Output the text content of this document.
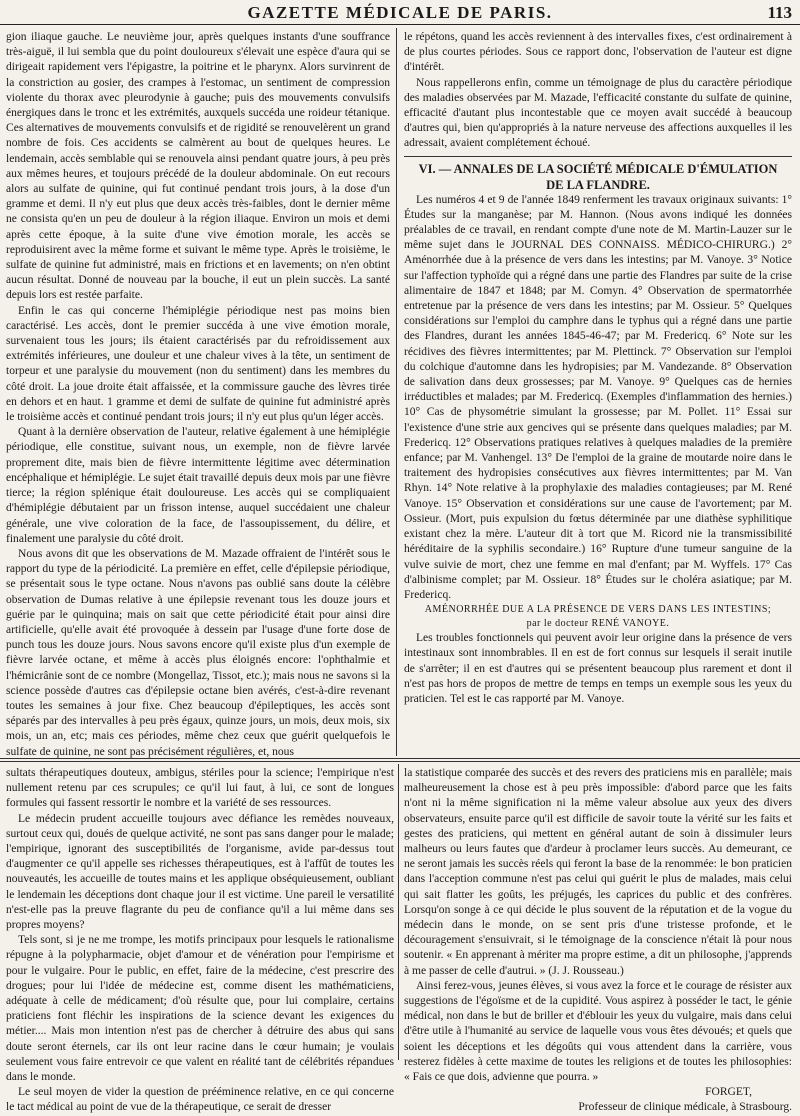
GAZETTE MÉDICALE DE PARIS.	113

gion iliaque gauche. Le neuvième jour, après quelques instants d'une souffrance très-aiguë, il lui sembla que du point douloureux s'élevait une espèce d'aura qui se dirigeait rapidement vers l'épigastre, la poitrine et le pharynx. Alors survinrent de la constriction au gosier, des crampes à l'estomac, un sentiment de compression violente du thorax avec pleurodynie à gauche; puis des mouvements convulsifs énergiques dans le tronc et les extrémités, auxquels succéda une roideur tétanique. Ces alternatives de mouvements convulsifs et de rigidité se renouvelèrent un grand nombre de fois. Ces accidents se calmèrent au bout de quelques heures. Le lendemain, accès semblable qui se renouvela ainsi pendant quatre jours, à peu près aux mêmes heures, et toujours précédé de la douleur abdominale. On eut recours alors au sulfate de quinine, qui fut continué pendant trois jours, à la dose d'un gramme et demi. Il n'y eut plus que deux accès très-faibles, dont le dernier même ne consista qu'en un peu de douleur à la région iliaque. Environ un mois et demi après cette époque, à la suite d'une vive émotion morale, les accès se reproduisirent avec la même forme et suivant le même type. Après le troisième, le sulfate de quinine fut administré, mais en frictions et en lavements; on n'en obtint aucun résultat. Donné de nouveau par la bouche, il eut un plein succès. La santé depuis lors est restée parfaite.

Enfin le cas qui concerne l'hémiplégie périodique nest pas moins bien caractérisé. Les accès, dont le premier succéda à une vive émotion morale, survenaient tous les jours; ils étaient caractérisés par du refroidissement aux extrémités inférieures, une douleur et une chaleur vives à la tête, un sentiment de torpeur et une paralysie du mouvement (non du sentiment) dans les membres du côté droit. La joue droite était affaissée, et la commissure gauche des lèvres tirée en dehors et en haut. 1 gramme et demi de sulfate de quinine fut administré après le troisième accès et continué pendant trois jours; il n'y eut plus qu'un léger accès.

Quant à la dernière observation de l'auteur, relative également à une hémiplégie périodique, elle constitue, suivant nous, un exemple, non de fièvre larvée proprement dite, mais bien de fièvre intermittente légitime avec détermination encéphalique et hémiplégie. Le sujet était travaillé depuis deux mois par une fièvre tierce; la région splénique était douloureuse. Les accès qui se compliquaient d'hémiplégie débutaient par un frisson intense, auquel succédaient une chaleur générale, une vive coloration de la face, de l'assoupissement, du délire, et finalement une paralysie du côté droit.

Nous avons dit que les observations de M. Mazade offraient de l'intérêt sous le rapport du type de la périodicité. La première en effet, celle d'épilepsie périodique, se présentait sous le type octane. Nous n'avons pas oublié sans doute la célèbre observation de Dumas relative à une épilepsie revenant tous les douze jours et guérie par le quinquina; mais on sait que cette périodicité était pour ainsi dire artificielle, qu'elle avait été provoquée à dessein par l'usage d'une forte dose de punch tous les douze jours. Nous savons encore qu'il existe plus d'un exemple de fièvre larvée octane, et même à accès plus éloignés encore: l'ophthalmie et l'hémicrânie sont de ce nombre (Mongellaz, Tissot, etc.); mais nous ne savons si la science possède d'autres cas d'épilepsie octane bien avérés, c'est-à-dire revenant toutes les semaines à jour fixe. Chez beaucoup d'épileptiques, les accès sont séparés par des intervalles à peu près égaux, quinze jours, un mois, deux mois, six mois, un an, etc; mais ces périodes, même chez ceux que guérit quelquefois le sulfate de quinine, ne sont pas précisément régulières, et, nous

le répétons, quand les accès reviennent à des intervalles fixes, c'est ordinairement à de plus courtes périodes. Sous ce rapport donc, l'observation de l'auteur est digne d'intérêt.

Nous rappellerons enfin, comme un témoignage de plus du caractère périodique des maladies observées par M. Mazade, l'efficacité constante du sulfate de quinine, efficacité d'autant plus incontestable que ce moyen avait succédé à beaucoup d'autres qui, bien qu'appropriés à la nature nerveuse des affections auxquelles il les adressait, avaient complétement échoué.

VI. — ANNALES DE LA SOCIÉTÉ MÉDICALE D'ÉMULATION
DE LA FLANDRE.

Les numéros 4 et 9 de l'année 1849 renferment les travaux originaux suivants: 1° Études sur la manganèse; par M. Hannon. (Nous avons indiqué les données préalables de ce travail, en rendant compte d'une note de M. Martin-Lauzer sur le même sujet dans le JOURNAL DES CONNAISS. MÉDICO-CHIRURG.) 2° Aménorrhée due à la présence de vers dans les intestins; par M. Vanoye. 3° Notice sur l'affection typhoïde qui a régné dans une partie des Flandres par suite de la crise alimentaire de 1847 et 1848; par M. Comyn. 4° Observation de spermatorrhée entretenue par la présence de vers dans les intestins; par M. Ossieur. 5° Quelques considérations sur l'emploi du camphre dans le typhus qui a régné dans une partie des Flandres, durant les années 1845-46-47; par M. Fredericq. 6° Note sur les récidives des fièvres intermittentes; par M. Plettinck. 7° Observation sur l'emploi du colchique d'automne dans les hydropisies; par M. Vandezande. 8° Observation de salivation dans deux grossesses; par M. Vanoye. 9° Quelques cas de hernies irréductibles et malades; par M. Fredericq. (Exemples d'inflammation des hernies.) 10° Cas de physométrie simulant la grossesse; par M. Pollet. 11° Essai sur l'existence d'une strie aux gencives qui se présente dans quelques maladies; par M. Fredericq. 12° Observations pratiques relatives à quelques maladies de la première enfance; par M. Vanhengel. 13° De l'emploi de la graine de moutarde noire dans le traitement des hydropisies consécutives aux fièvres intermittentes; par M. Van Rhyn. 14° Note relative à la prophylaxie des maladies contagieuses; par M. René Vanoye. 15° Observation et considérations sur une cause de l'avortement; par M. Ossieur. (Mort, puis expulsion du fœtus déterminée par une diathèse syphilitique existant chez la mère. L'auteur dit à tort que M. Ricord nie la transmissibilité héréditaire de la syphilis secondaire.) 16° Rupture d'une tumeur sanguine de la vulve suivie de mort, chez une femme en mal d'enfant; par M. Wyffels. 17° Cas d'albinisme complet; par M. Ossieur. 18° Études sur le choléra asiatique; par M. Fredericq.

AMÉNORRHÉE DUE A LA PRÉSENCE DE VERS DANS LES INTESTINS;
par le docteur RENÉ VANOYE.

Les troubles fonctionnels qui peuvent avoir leur origine dans la présence de vers intestinaux sont innombrables. Il en est de fort connus sur lesquels il serait inutile de s'arrêter; il en est d'autres qui se présentent beaucoup plus rarement et dont il n'est pas hors de propos de mettre de temps en temps un exemple sous les yeux du praticien. Tel est le cas rapporté par M. Vanoye.

sultats thérapeutiques douteux, ambigus, stériles pour la science; l'empirique n'est nullement retenu par ces scrupules; ce qu'il lui faut, à lui, ce sont de longues formules qui fassent ressortir le nombre et la variété de ses ressources.

Le médecin prudent accueille toujours avec défiance les remèdes nouveaux, surtout ceux qui, doués de quelque activité, ne sont pas sans danger pour le malade; l'empirique, ignorant des susceptibilités de l'organisme, avide par-dessus tout d'augmenter ce qu'il appelle ses richesses thérapeutiques, est à l'affût de toutes les nouveautés, les accueille de toutes mains et les applique obséquieusement, oubliant le lendemain les déceptions dont chaque jour il est victime. Une pareil le versatilité n'est-elle pas la preuve flagrante du peu de confiance qu'il a lui même dans ses propres moyens?

Tels sont, si je ne me trompe, les motifs principaux pour lesquels le rationalisme répugne à la polypharmacie, objet d'amour et de vénération pour l'empirisme et pour le vulgaire. Pour le public, en effet, faire de la médecine, c'est prescrire des drogues; pour lui l'idée de médecine est, comme disent les mathématiciens, adéquate à celle de médicament; d'où résulte que, pour lui complaire, certains praticiens font fléchir les inspirations de la science devant les exigences du métier.... Mais mon intention n'est pas de chercher à détruire des abus qui sans doute seront éternels, car ils ont leur racine dans le cœur humain; je voulais seulement vous faire entrevoir ce que valent en réalité tant de célébrités répandues dans le monde.

Le seul moyen de vider la question de prééminence relative, en ce qui concerne le tact médical au point de vue de la thérapeutique, ce serait de dresser

la statistique comparée des succès et des revers des praticiens mis en parallèle; mais malheureusement la chose est à peu près impossible: d'abord parce que les faits n'ont ni la même signification ni la même valeur absolue aux yeux des divers observateurs, ensuite parce qu'il est difficile de savoir toute la vérité sur les faits et gestes des praticiens, qui mettent en général autant de soin à dissimuler leurs malheurs ou leurs fautes que d'ardeur à proclamer leurs succès. Au demeurant, ce ne seront jamais les succès réels qui feront la base de la renommée: le bon praticien dans l'acception commune n'est pas celui qui guérit le plus de malades, mais celui qui sait flatter les goûts, les préjugés, les caprices du public et des confrères. Lorsqu'on songe à ce qui décide le plus souvent de la réputation et de la vogue du médecin dans le monde, on se sent pris d'une tristesse profonde, et le découragement s'ensuivrait, si le témoignage de la conscience n'était là pour nous soutenir. « En apprenant à mériter ma propre estime, a dit un philosophe, j'apprends à me passer de celle d'autrui. » (J. J. Rousseau.)

Ainsi ferez-vous, jeunes élèves, si vous avez la force et le courage de résister aux suggestions de l'égoïsme et de la cupidité. Vous aspirez à posséder le tact, le génie médical, non dans le but de briller et d'éblouir les yeux du vulgaire, mais dans celui d'être utile à l'humanité au service de laquelle vous vous êtes dévoués; et quels que soient les déceptions et les dégoûts qui vous attendent dans la carrière, vous resterez fidèles à cette maxime de toutes les religions et de toutes les philosophies: « Fais ce que dois, advienne que pourra. »

FORGET,

Professeur de clinique médicale, à Strasbourg.
